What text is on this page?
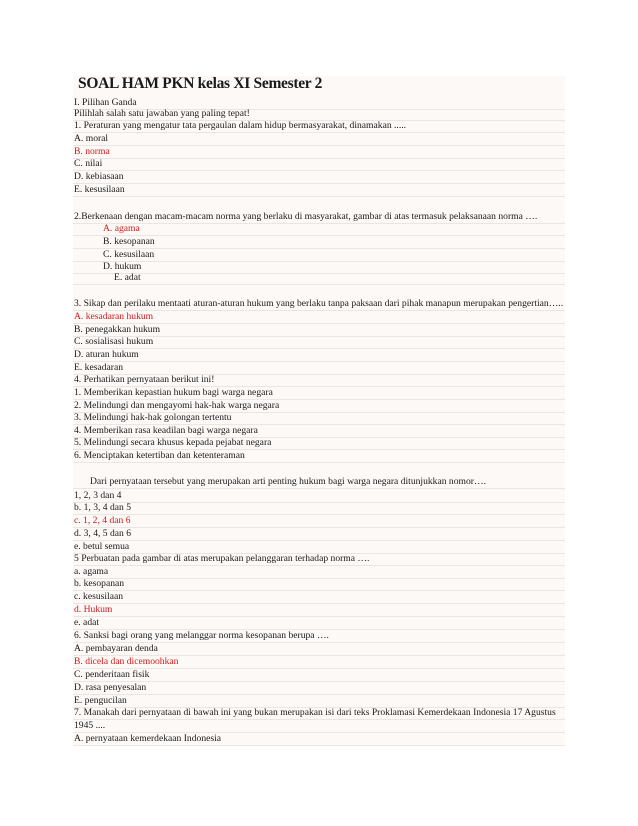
SOAL HAM PKN kelas XI Semester 2
I. Pilihan Ganda
Pilihlah salah satu jawaban yang paling tepat!
1. Peraturan yang mengatur tata pergaulan dalam hidup bermasyarakat, dinamakan .....
A. moral
B. norma
C. nilai
D. kebiasaan
E. kesusilaan
2.Berkenaan dengan macam-macam norma yang berlaku di masyarakat, gambar di atas termasuk pelaksanaan norma ….
A. agama
B. kesopanan
C. kesusilaan
D. hukum
E. adat
3. Sikap dan perilaku mentaati aturan-aturan hukum yang berlaku tanpa paksaan dari pihak manapun merupakan pengertian…..
A. kesadaran hukum
B. penegakkan hukum
C. sosialisasi hukum
D. aturan hukum
E. kesadaran
4. Perhatikan pernyataan berikut ini!
1. Memberikan kepastian hukum bagi warga negara
2. Melindungi dan mengayomi hak-hak warga negara
3. Melindungi hak-hak golongan tertentu
4. Memberikan rasa keadilan bagi warga negara
5. Melindungi secara khusus kepada pejabat negara
6. Menciptakan ketertiban dan ketenteraman
Dari pernyataan tersebut yang merupakan arti penting hukum bagi warga negara ditunjukkan nomor….
1, 2, 3 dan 4
b. 1, 3, 4 dan 5
c. 1, 2, 4 dan 6
d. 3, 4, 5 dan 6
e. betul semua
5 Perbuatan pada gambar di atas merupakan pelanggaran terhadap norma ….
a. agama
b. kesopanan
c. kesusilaan
d. Hukum
e. adat
6. Sanksi bagi orang yang melanggar norma kesopanan berupa ….
A. pembayaran denda
B. dicela dan dicemoohkan
C. penderitaan fisik
D. rasa penyesalan
E. pengucilan
7. Manakah dari pernyataan di bawah ini yang bukan merupakan isi dari teks Proklamasi Kemerdekaan Indonesia 17 Agustus
1945 ....
A. pernyataan kemerdekaan Indonesia
